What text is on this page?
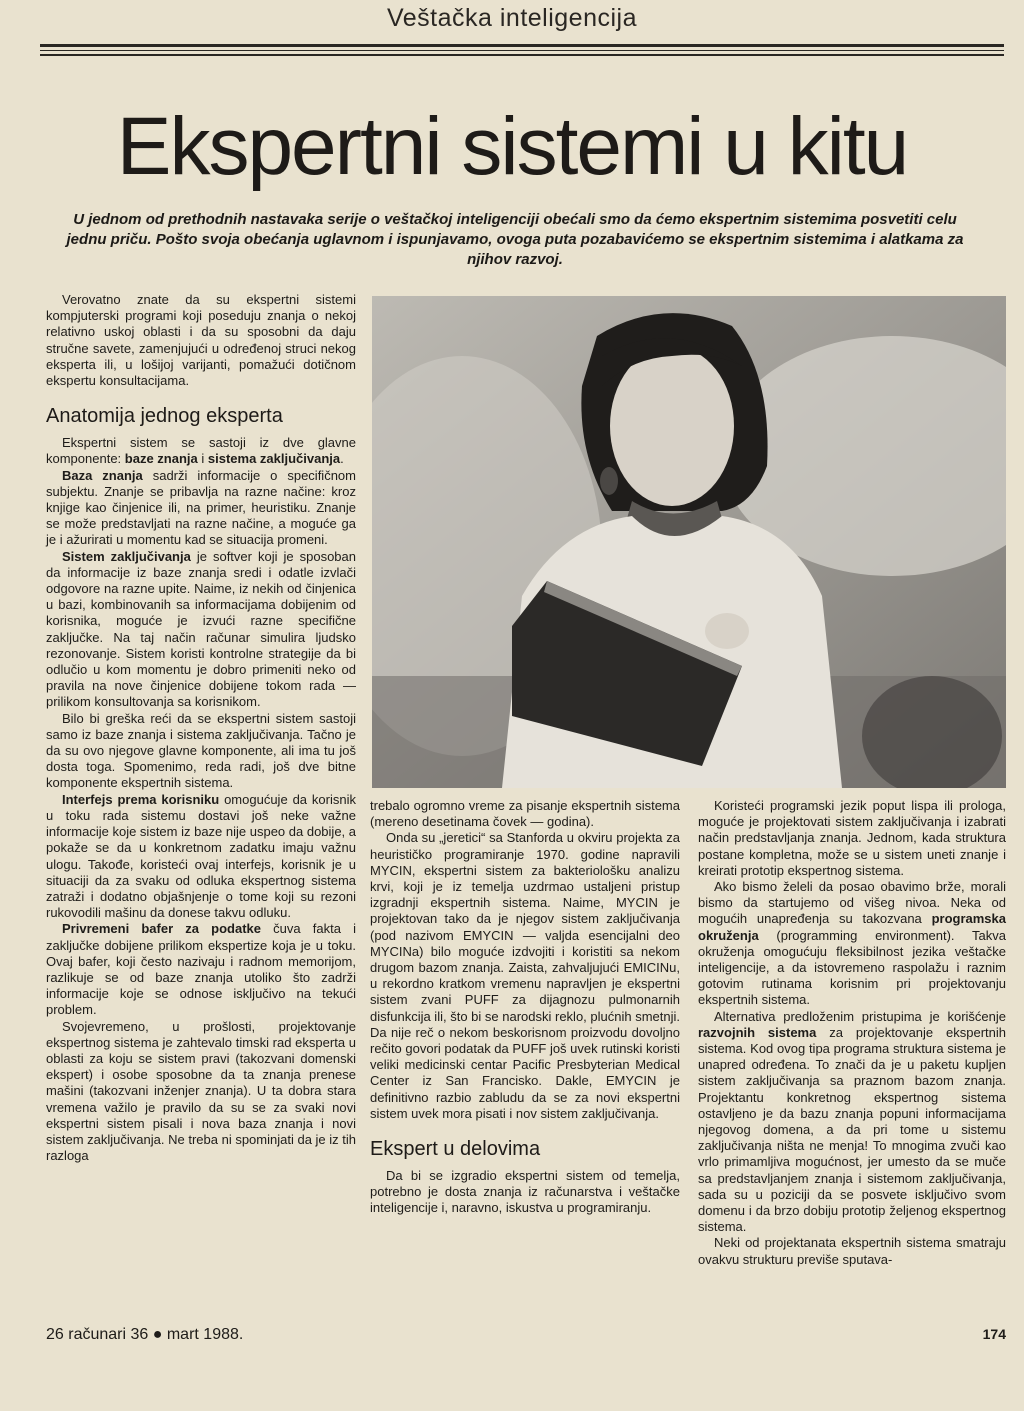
Veštačka inteligencija
Ekspertni sistemi u kitu
U jednom od prethodnih nastavaka serije o veštačkoj inteligenciji obećali smo da ćemo ekspertnim sistemima posvetiti celu jednu priču. Pošto svoja obećanja uglavnom i ispunjavamo, ovoga puta pozabavićemo se ekspertnim sistemima i alatkama za njihov razvoj.

Verovatno znate da su ekspertni sistemi kompjuterski programi koji poseduju znanja o nekoj relativno uskoj oblasti i da su sposobni da daju stručne savete, zamenjujući u određenoj struci nekog eksperta ili, u lošijoj varijanti, pomažući dotičnom ekspertu konsultacijama.

Anatomija jednog eksperta

Ekspertni sistem se sastoji iz dve glavne komponente: baze znanja i sistema zaključivanja.

Baza znanja sadrži informacije o specifičnom subjektu. Znanje se pribavlja na razne načine: kroz knjige kao činjenice ili, na primer, heuristiku. Znanje se može predstavljati na razne načine, a moguće ga je i ažurirati u momentu kad se situacija promeni.

Sistem zaključivanja je softver koji je sposoban da informacije iz baze znanja sredi i odatle izvlači odgovore na razne upite. Naime, iz nekih od činjenica u bazi, kombinovanih sa informacijama dobijenim od korisnika, moguće je izvući razne specifične zaključke. Na taj način računar simulira ljudsko rezonovanje. Sistem koristi kontrolne strategije da bi odlučio u kom momentu je dobro primeniti neko od pravila na nove činjenice dobijene tokom rada — prilikom konsultovanja sa korisnikom.

Bilo bi greška reći da se ekspertni sistem sastoji samo iz baze znanja i sistema zaključivanja. Tačno je da su ovo njegove glavne komponente, ali ima tu još dosta toga. Spomenimo, reda radi, još dve bitne komponente ekspertnih sistema.

Interfejs prema korisniku omogućuje da korisnik u toku rada sistemu dostavi još neke važne informacije koje sistem iz baze nije uspeo da dobije, a pokaže se da u konkretnom zadatku imaju važnu ulogu. Takođe, koristeći ovaj interfejs, korisnik je u situaciji da za svaku od odluka ekspertnog sistema zatraži i dodatno objašnjenje o tome koji su rezoni rukovodili mašinu da donese takvu odluku.

Privremeni bafer za podatke čuva fakta i zaključke dobijene prilikom ekspertize koja je u toku. Ovaj bafer, koji često nazivaju i radnom memorijom, razlikuje se od baze znanja utoliko što zadrži informacije koje se odnose isključivo na tekući problem.

Svojevremeno, u prošlosti, projektovanje ekspertnog sistema je zahtevalo timski rad eksperta u oblasti za koju se sistem pravi (takozvani domenski ekspert) i osobe sposobne da ta znanja prenese mašini (takozvani inženjer znanja). U ta dobra stara vremena važilo je pravilo da su se za svaki novi ekspertni sistem pisali i nova baza znanja i novi sistem zaključivanja. Ne treba ni spominjati da je iz tih razloga

trebalo ogromno vreme za pisanje ekspertnih sistema (mereno desetinama čovek — godina).

Onda su „jeretici“ sa Stanforda u okviru projekta za heurističko programiranje 1970. godine napravili MYCIN, ekspertni sistem za bakteriološku analizu krvi, koji je iz temelja uzdrmao ustaljeni pristup izgradnji ekspertnih sistema. Naime, MYCIN je projektovan tako da je njegov sistem zaključivanja (pod nazivom EMYCIN — valjda esencijalni deo MYCINa) bilo moguće izdvojiti i koristiti sa nekom drugom bazom znanja. Zaista, zahvaljujući EMICINu, u rekordno kratkom vremenu napravljen je ekspertni sistem zvani PUFF za dijagnozu pulmonarnih disfunkcija ili, što bi se narodski reklo, plućnih smetnji. Da nije reč o nekom beskorisnom proizvodu dovoljno rečito govori podatak da PUFF još uvek rutinski koristi veliki medicinski centar Pacific Presbyterian Medical Center iz San Francisko. Dakle, EMYCIN je definitivno razbio zabludu da se za novi ekspertni sistem uvek mora pisati i nov sistem zaključivanja.

Ekspert u delovima

Da bi se izgradio ekspertni sistem od temelja, potrebno je dosta znanja iz računarstva i veštačke inteligencije i, naravno, iskustva u programiranju.

Koristeći programski jezik poput lispa ili prologa, moguće je projektovati sistem zaključivanja i izabrati način predstavljanja znanja. Jednom, kada struktura postane kompletna, može se u sistem uneti znanje i kreirati prototip ekspertnog sistema.

Ako bismo želeli da posao obavimo brže, morali bismo da startujemo od višeg nivoa. Neka od mogućih unapređenja su takozvana programska okruženja (programming environment). Takva okruženja omogućuju fleksibilnost jezika veštačke inteligencije, a da istovremeno raspolažu i raznim gotovim rutinama korisnim pri projektovanju ekspertnih sistema.

Alternativa predloženim pristupima je korišćenje razvojnih sistema za projektovanje ekspertnih sistema. Kod ovog tipa programa struktura sistema je unapred određena. To znači da je u paketu kupljen sistem zaključivanja sa praznom bazom znanja. Projektantu konkretnog ekspertnog sistema ostavljeno je da bazu znanja popuni informacijama njegovog domena, a da pri tome u sistemu zaključivanja ništa ne menja! To mnogima zvuči kao vrlo primamljiva mogućnost, jer umesto da se muče sa predstavljanjem znanja i sistemom zaključivanja, sada su u poziciji da se posvete isključivo svom domenu i da brzo dobiju prototip željenog ekspertnog sistema.

Neki od projektanata ekspertnih sistema smatraju ovakvu strukturu previše sputava-

26 računari 36 ● mart 1988.	174
